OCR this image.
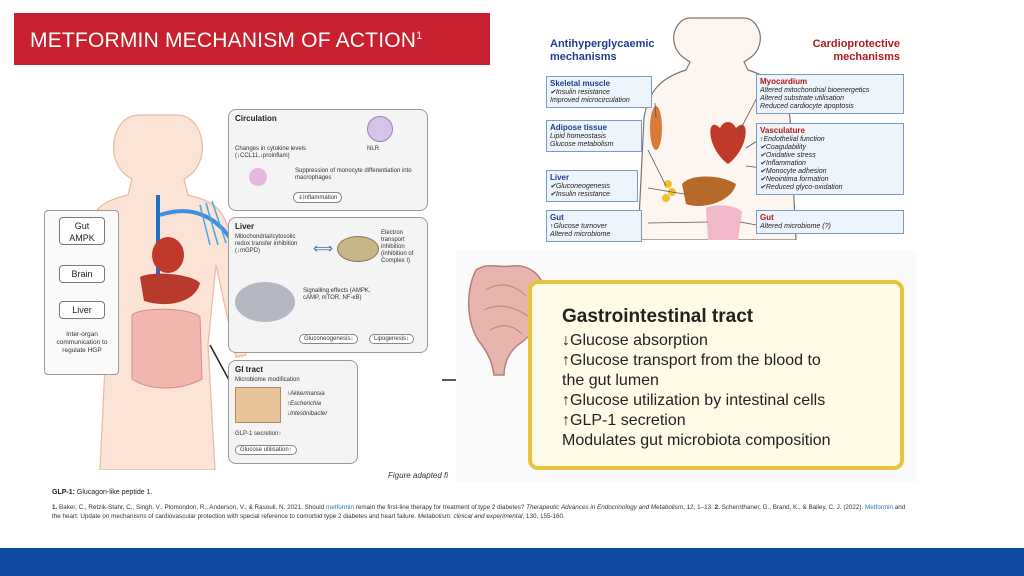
METFORMIN MECHANISM OF ACTION$^1$
Gut
AMPK
Brain
Liver
Inter-organ communication to regulate HGP
Circulation
Changes in cytokine levels (↓CCL11,↓proinflam)
NLR
Suppression of monocyte differentiation into macrophages
⇓Inflammation
Liver
Mitochondrial/cytosolic redox transfer inhibition (↓mGPD)	⟺
Electron transport inhibition (inhibition of Complex I)
Signalling effects (AMPK, cAMP, mTOR, NF-κB)
Gluconeogenesis↓	Lipogenesis↓
GI tract
Microbiome modification
↑Akkermansia
↑Escherichia
↓Intestinibacter
GLP-1 secretion↑
Glucose utilisation↑
Antihyperglycaemic mechanisms
Cardioprotective mechanisms
Skeletal muscle
✔Insulin resistance
Improved microcirculation
Adipose tissue
Lipid homeostasis
Glucose metabolism
Liver
✔Gluconeogenesis
✔Insulin resistance
Gut
↑Glucose turnover
Altered microbiome
Myocardium
Altered mitochondrial bioenergetics
Altered substrate utilisation
Reduced cardiocyte apoptosis
Vasculature
↑Endothelial function
✔Coagulability
✔Oxidative stress
✔Inflammation
✔Monocyte adhesion
✔Neointima formation
✔Reduced glyco-oxidation
Gut
Altered microbiome (?)
Gastrointestinal tract
↓Glucose absorption
↑Glucose transport from the blood to
the gut lumen
↑Glucose utilization by intestinal cells
↑GLP-1 secretion
Modulates gut microbiota composition
Figure adapted fi
GLP-1: Glucagon-like peptide 1.
1. Baker, C., Retzik-Stahr, C., Singh, V., Plomondon, R., Anderson, V., & Rasouli, N. 2021. Should metformin remain the first-line therapy for treatment of type 2 diabetes? Therapeutic Advances in Endocrinology and Metabolism, 12, 1–13. 2. Schernthaner, G., Brand, K., & Bailey, C. J. (2022). Metformin and the heart: Update on mechanisms of cardiovascular protection with special reference to comorbid type 2 diabetes and heart failure. Metabolism: clinical and experimental, 130, 155-160.
